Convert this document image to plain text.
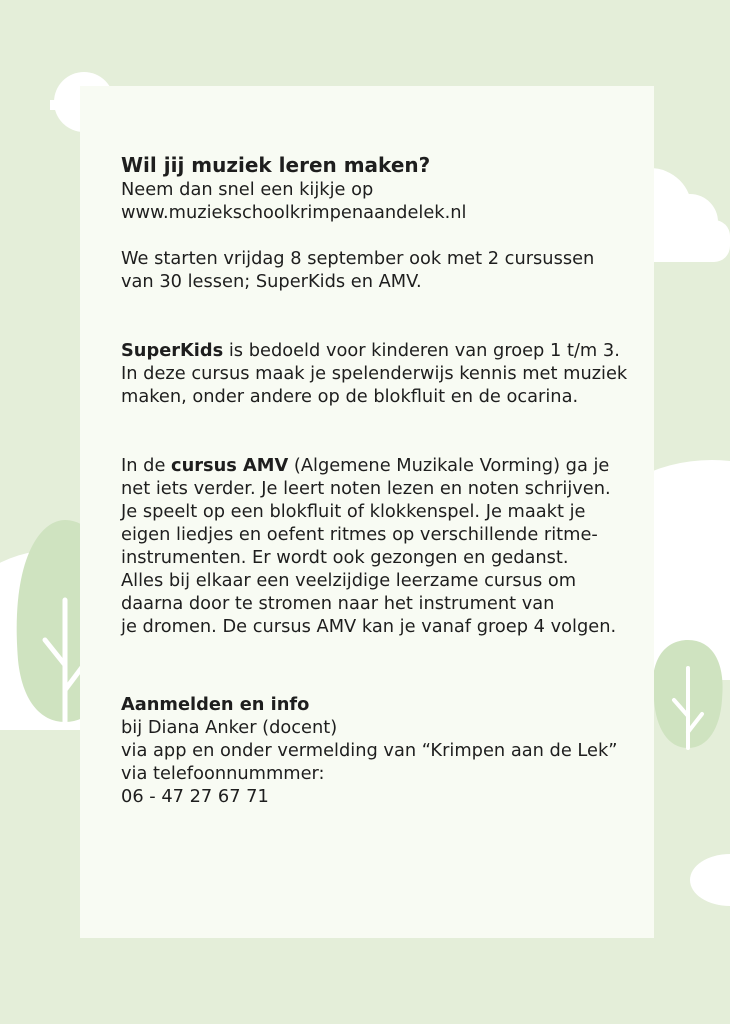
Wil jij muziek leren maken?

Neem dan snel een kijkje op

www.muziekschoolkrimpenaandelek.nl

We starten vrijdag 8 september ook met 2 cursussen

van 30 lessen; SuperKids en AMV.

SuperKids is bedoeld voor kinderen van groep 1 t/m 3.

In deze cursus maak je spelenderwijs kennis met muziek

maken, onder andere op de blokfluit en de ocarina.

In de cursus AMV (Algemene Muzikale Vorming) ga je

net iets verder. Je leert noten lezen en noten schrijven.

Je speelt op een blokfluit of klokkenspel. Je maakt je

eigen liedjes en oefent ritmes op verschillende ritme-

instrumenten. Er wordt ook gezongen en gedanst.

Alles bij elkaar een veelzijdige leerzame cursus om

daarna door te stromen naar het instrument van

je dromen. De cursus AMV kan je vanaf groep 4 volgen.

Aanmelden en info

bij Diana Anker (docent)

via app en onder vermelding van “Krimpen aan de Lek”

via telefoonnummmer:

06 - 47 27 67 71
